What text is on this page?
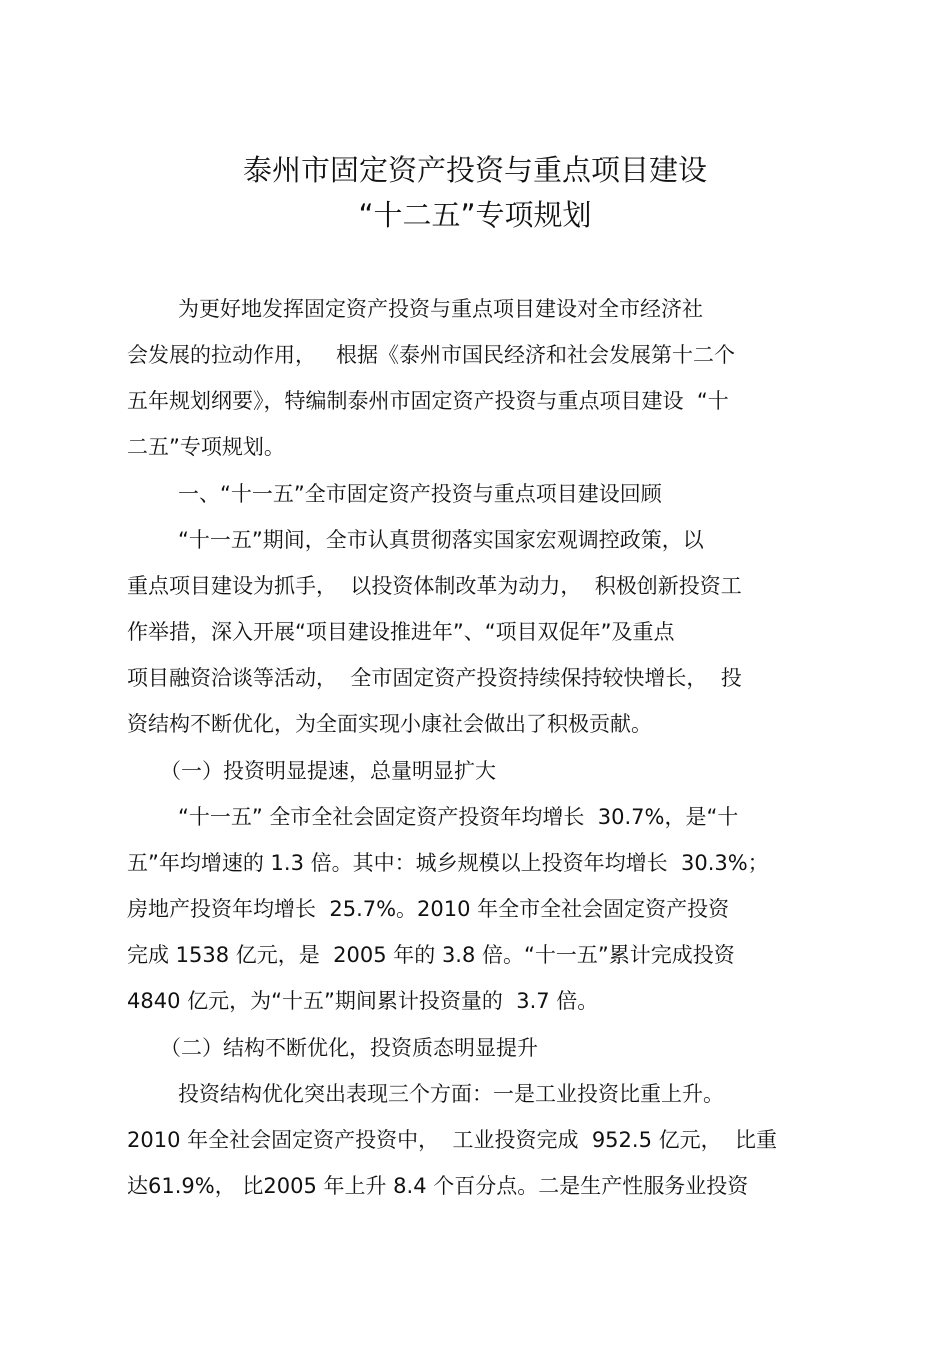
泰州市固定资产投资与重点项目建设
“十二五”专项规划
为更好地发挥固定资产投资与重点项目建设对全市经济社
会发展的拉动作用，   根据《泰州市国民经济和社会发展第十二个
五年规划纲要》，特编制泰州市固定资产投资与重点项目建设  “十
二五”专项规划。
一、“十一五”全市固定资产投资与重点项目建设回顾
“十一五”期间，全市认真贯彻落实国家宏观调控政策，以
重点项目建设为抓手，  以投资体制改革为动力，  积极创新投资工
作举措，深入开展“项目建设推进年”、“项目双促年”及重点
项目融资洽谈等活动，  全市固定资产投资持续保持较快增长，  投
资结构不断优化，为全面实现小康社会做出了积极贡献。
（一）投资明显提速，总量明显扩大
“十一五” 全市全社会固定资产投资年均增长  30.7%，是“十
五”年均增速的 1.3 倍。其中：城乡规模以上投资年均增长  30.3%；
房地产投资年均增长  25.7%。2010 年全市全社会固定资产投资
完成 1538 亿元，是  2005 年的 3.8 倍。“十一五”累计完成投资
4840 亿元，为“十五”期间累计投资量的  3.7 倍。
（二）结构不断优化，投资质态明显提升
投资结构优化突出表现三个方面：一是工业投资比重上升。
2010 年全社会固定资产投资中，  工业投资完成  952.5 亿元，  比重
达61.9%， 比2005 年上升 8.4 个百分点。二是生产性服务业投资
